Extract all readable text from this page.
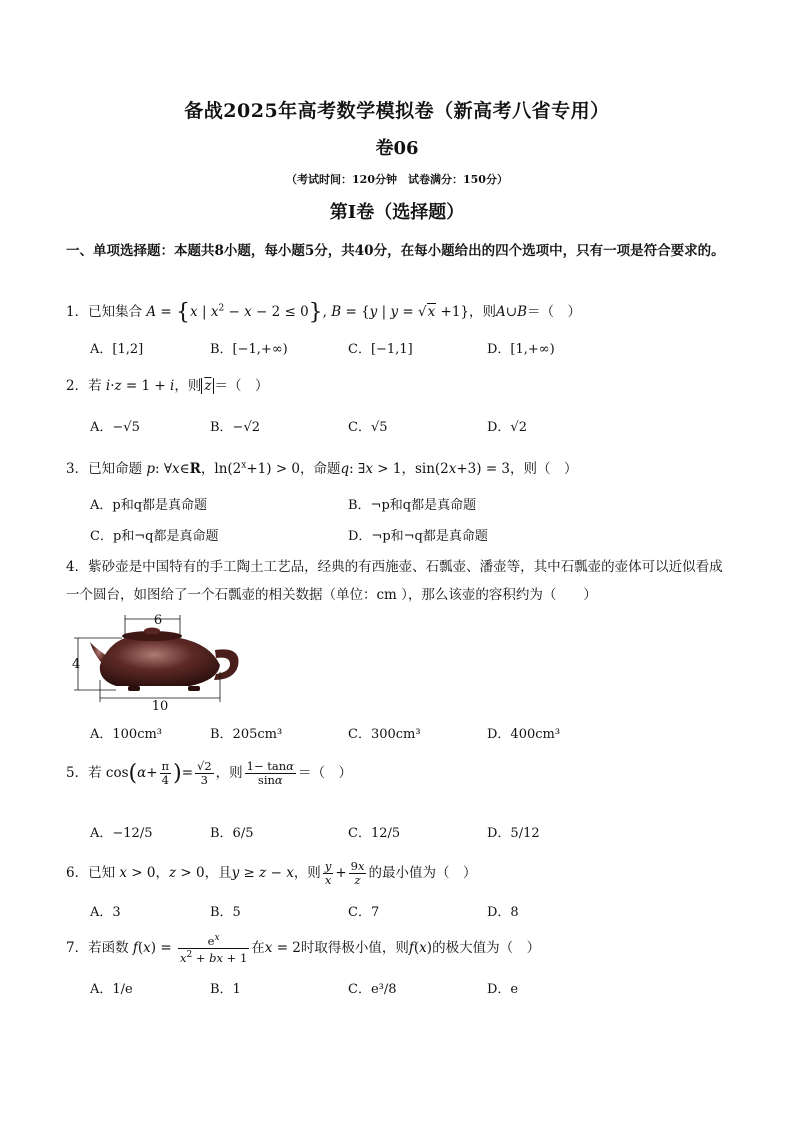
备战2025年高考数学模拟卷（新高考八省专用）
卷06
（考试时间：120分钟　试卷满分：150分）
第I卷（选择题）
一、单项选择题：本题共8小题，每小题5分，共40分，在每小题给出的四个选项中，只有一项是符合要求的。
1．已知集合 A = {x | $x^2 - x - 2 \le 0$}, B = {y | y = √x +1}，则A∪B＝（　）
A．[1,2]	B．[−1,+∞)	C．[−1,1]	D．[1,+∞)
2．若 i·z = 1 + i，则 $\overline{z}$ ＝（　）
A．−√5	B．−√2	C．√5	D．√2
3．已知命题 p: ∀x∈R，$\ln(2^x+1) > 0$，命题q: ∃x > 1，sin(2x+3) = 3，则（　）
A．p和q都是真命题	B．¬p和q都是真命题
C．p和¬q都是真命题	D．¬p和¬q都是真命题
4．紫砂壶是中国特有的手工陶土工艺品，经典的有西施壶、石瓢壶、潘壶等，其中石瓢壶的壶体可以近似看成一个圆台，如图给了一个石瓢壶的相关数据（单位：cm ），那么该壶的容积约为（　　）
6
4
10
A．100cm³	B．205cm³	C．300cm³	D．400cm³
5．若 $\cos(\alpha+ \frac{\pi}{4}$ )= $\frac{√2}{3}$ ，则 $\frac{1- \tan\alpha}{\sin\alpha}$ ＝（　）
A．−12/5	B．6/5	C．12/5	D．5/12
6．已知 x > 0，z > 0，且y ≥ z − x，则 $\frac{y}{x} + \frac{9x}{z}$ 的最小值为（　）
A．3	B．5	C．7	D．8
7．若函数 $f(x) = \frac{e^x}{x^2 + bx + 1}$ 在x = 2时取得极小值，则f(x)的极大值为（　）
A．1/e	B．1	C．e³/8	D．e
